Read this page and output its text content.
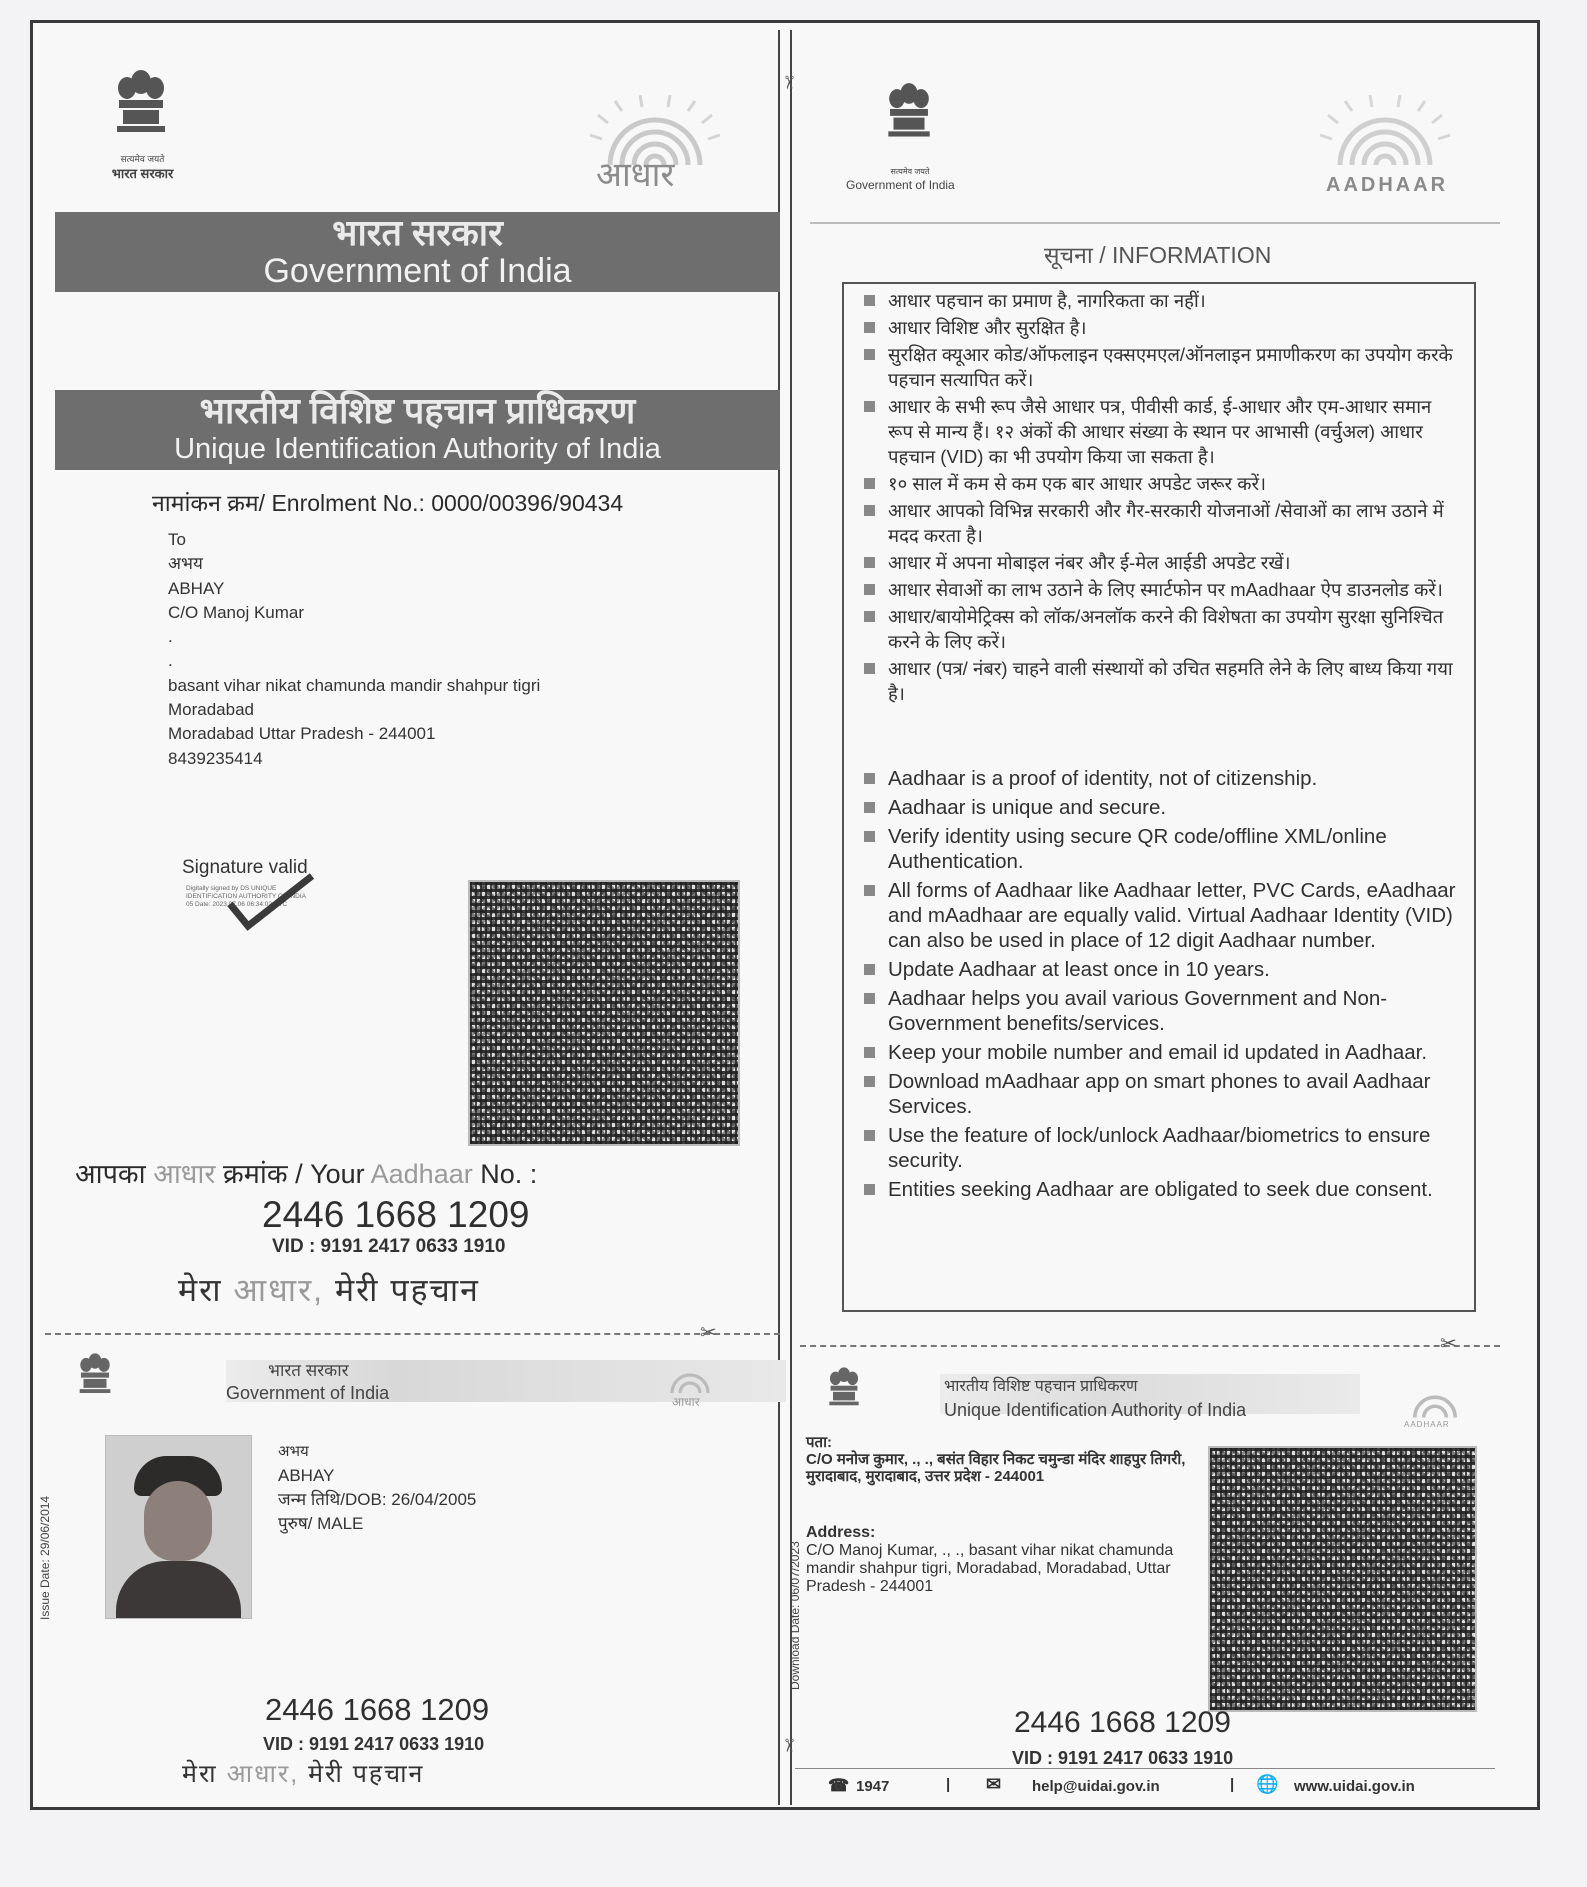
✂
✂
सत्यमेव जयते
भारत सरकार	आधार
भारत सरकार
Government of India
भारतीय विशिष्ट पहचान प्राधिकरण
Unique Identification Authority of India
नामांकन क्रम/ Enrolment No.: 0000/00396/90434
To
अभय
ABHAY
C/O Manoj Kumar
.
.
basant vihar nikat chamunda mandir shahpur tigri
Moradabad
Moradabad Uttar Pradesh - 244001
8439235414
Signature valid
Digitally signed by DS UNIQUE IDENTIFICATION AUTHORITY OF INDIA 05 Date: 2023.07.06 06:34:02 UTC
आपका आधार क्रमांक / Your Aadhaar No. :
2446 1668 1209
VID : 9191 2417 0633 1910
मेरा आधार, मेरी पहचान
✂
सत्यमेव जयते
Government of India	AADHAAR
सूचना / INFORMATION
आधार पहचान का प्रमाण है, नागरिकता का नहीं।
आधार विशिष्ट और सुरक्षित है।
सुरक्षित क्यूआर कोड/ऑफलाइन एक्सएमएल/ऑनलाइन प्रमाणीकरण का उपयोग करके पहचान सत्यापित करें।
आधार के सभी रूप जैसे आधार पत्र, पीवीसी कार्ड, ई-आधार और एम-आधार समान रूप से मान्य हैं। १२ अंकों की आधार संख्या के स्थान पर आभासी (वर्चुअल) आधार पहचान (VID) का भी उपयोग किया जा सकता है।
१० साल में कम से कम एक बार आधार अपडेट जरूर करें।
आधार आपको विभिन्न सरकारी और गैर-सरकारी योजनाओं /सेवाओं का लाभ उठाने में मदद करता है।
आधार में अपना मोबाइल नंबर और ई-मेल आईडी अपडेट रखें।
आधार सेवाओं का लाभ उठाने के लिए स्मार्टफोन पर mAadhaar ऐप डाउनलोड करें।
आधार/बायोमेट्रिक्स को लॉक/अनलॉक करने की विशेषता का उपयोग सुरक्षा सुनिश्चित करने के लिए करें।
आधार (पत्र/ नंबर) चाहने वाली संस्थायों को उचित सहमति लेने के लिए बाध्य किया गया है।
Aadhaar is a proof of identity, not of citizenship.
Aadhaar is unique and secure.
Verify identity using secure QR code/offline XML/online Authentication.
All forms of Aadhaar like Aadhaar letter, PVC Cards, eAadhaar and mAadhaar are equally valid. Virtual Aadhaar Identity (VID) can also be used in place of 12 digit Aadhaar number.
Update Aadhaar at least once in 10 years.
Aadhaar helps you avail various Government and Non- Government benefits/services.
Keep your mobile number and email id updated in Aadhaar.
Download mAadhaar app on smart phones to avail Aadhaar Services.
Use the feature of lock/unlock Aadhaar/biometrics to ensure security.
Entities seeking Aadhaar are obligated to seek due consent.
✂
भारत सरकार
Government of India	आधार
Issue Date: 29/06/2014
अभय
ABHAY
जन्म तिथि/DOB: 26/04/2005
पुरुष/ MALE
2446 1668 1209
VID : 9191 2417 0633 1910
मेरा आधार, मेरी पहचान
भारतीय विशिष्ट पहचान प्राधिकरण
Unique Identification Authority of India
AADHAAR
Download Date: 06/07/2023
पता:
C/O मनोज कुमार, ., ., बसंत विहार निकट चमुन्डा मंदिर शाहपुर तिगरी, मुरादाबाद, मुरादाबाद, उत्तर प्रदेश - 244001
Address:
C/O Manoj Kumar, ., ., basant vihar nikat chamunda mandir shahpur tigri, Moradabad, Moradabad, Uttar Pradesh - 244001
2446 1668 1209
VID : 9191 2417 0633 1910
☎ 1947	| ✉ help@uidai.gov.in	| 🌐 www.uidai.gov.in
